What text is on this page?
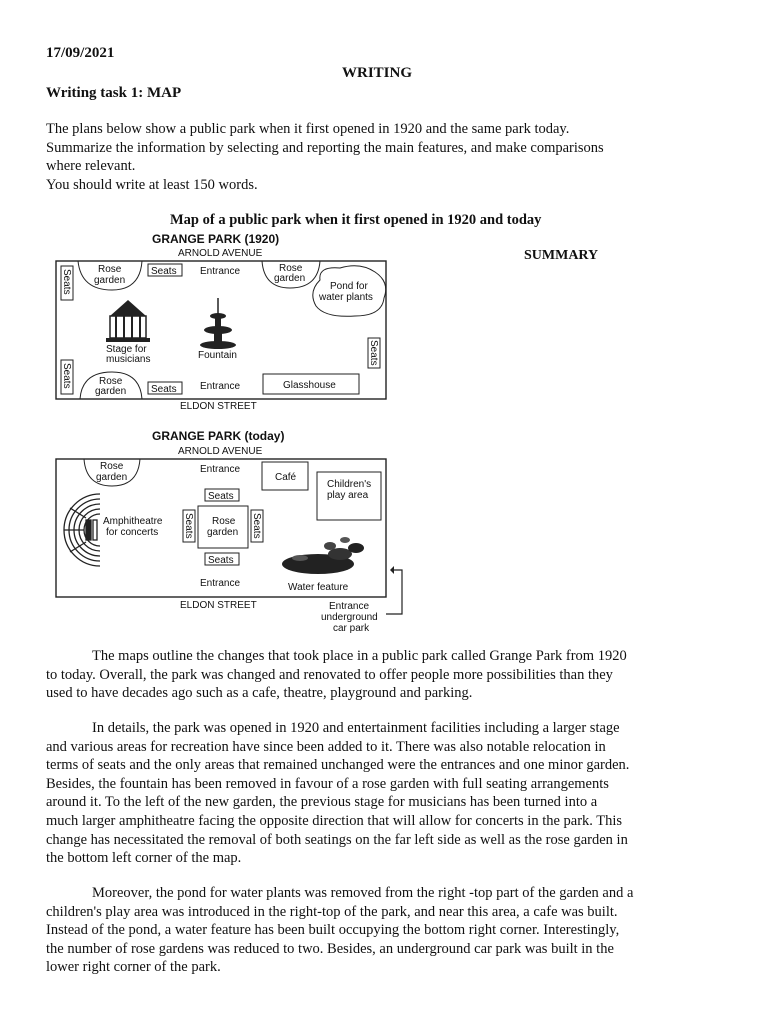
17/09/2021

WRITING

Writing task 1: MAP

The plans below show a public park when it first opened in 1920 and the same park today.
Summarize the information by selecting and reporting the main features, and make comparisons
where relevant.
You should write at least 150 words.

Map of a public park when it first opened in 1920 and today

SUMMARY

GRANGE PARK (1920)
ARNOLD AVENUE
Rose
garden
Seats Entrance	Rose
garden
Pond for
water plants
Seats
Stage for
musicians	Fountain	Seats
Seats	Rose
garden Seats Entrance	Glasshouse
ELDON STREET
GRANGE PARK (today)
ARNOLD AVENUE
Rose
garden
Entrance
Café
Children's
play area
Amphitheatre
for concerts
Seats
Seats Rose
garden Seats
Seats
Entrance	Water feature
ELDON STREET	Entrance
underground
car park
The maps outline the changes that took place in a public park called Grange Park from 1920
to today. Overall, the park was changed and renovated to offer people more possibilities than they
used to have decades ago such as a cafe, theatre, playground and parking.
In details, the park was opened in 1920 and entertainment facilities including a larger stage
and various areas for recreation have since been added to it. There was also notable relocation in
terms of seats and the only areas that remained unchanged were the entrances and one minor garden.
Besides, the fountain has been removed in favour of a rose garden with full seating arrangements
around it. To the left of the new garden, the previous stage for musicians has been turned into a
much larger amphitheatre facing the opposite direction that will allow for concerts in the park. This
change has necessitated the removal of both seatings on the far left side as well as the rose garden in
the bottom left corner of the map.
Moreover, the pond for water plants was removed from the right -top part of the garden and a
children's play area was introduced in the right-top of the park, and near this area, a cafe was built.
Instead of the pond, a water feature has been built occupying the bottom right corner. Interestingly,
the number of rose gardens was reduced to two. Besides, an underground car park was built in the
lower right corner of the park.
